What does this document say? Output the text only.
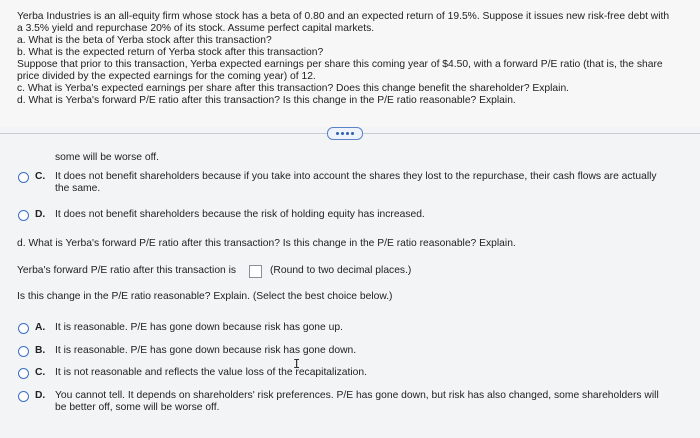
Yerba Industries is an all-equity firm whose stock has a beta of 0.80 and an expected return of 19.5%. Suppose it issues new risk-free debt with
a 3.5% yield and repurchase 20% of its stock. Assume perfect capital markets.
a. What is the beta of Yerba stock after this transaction?
b. What is the expected return of Yerba stock after this transaction?
Suppose that prior to this transaction, Yerba expected earnings per share this coming year of $4.50, with a forward P/E ratio (that is, the share
price divided by the expected earnings for the coming year) of 12.
c. What is Yerba's expected earnings per share after this transaction? Does this change benefit the shareholder? Explain.
d. What is Yerba's forward P/E ratio after this transaction? Is this change in the P/E ratio reasonable? Explain.
some will be worse off.
C. It does not benefit shareholders because if you take into account the shares they lost to the repurchase, their cash flows are actually
the same.
D. It does not benefit shareholders because the risk of holding equity has increased.
d. What is Yerba's forward P/E ratio after this transaction? Is this change in the P/E ratio reasonable? Explain.
Yerba's forward P/E ratio after this transaction is	(Round to two decimal places.)
Is this change in the P/E ratio reasonable? Explain. (Select the best choice below.)
A. It is reasonable. P/E has gone down because risk has gone up.
B. It is reasonable. P/E has gone down because risk has gone down.
C. It is not reasonable and reflects the value loss of the recapitalization.
D. You cannot tell. It depends on shareholders' risk preferences. P/E has gone down, but risk has also changed, some shareholders will
be better off, some will be worse off.
I
